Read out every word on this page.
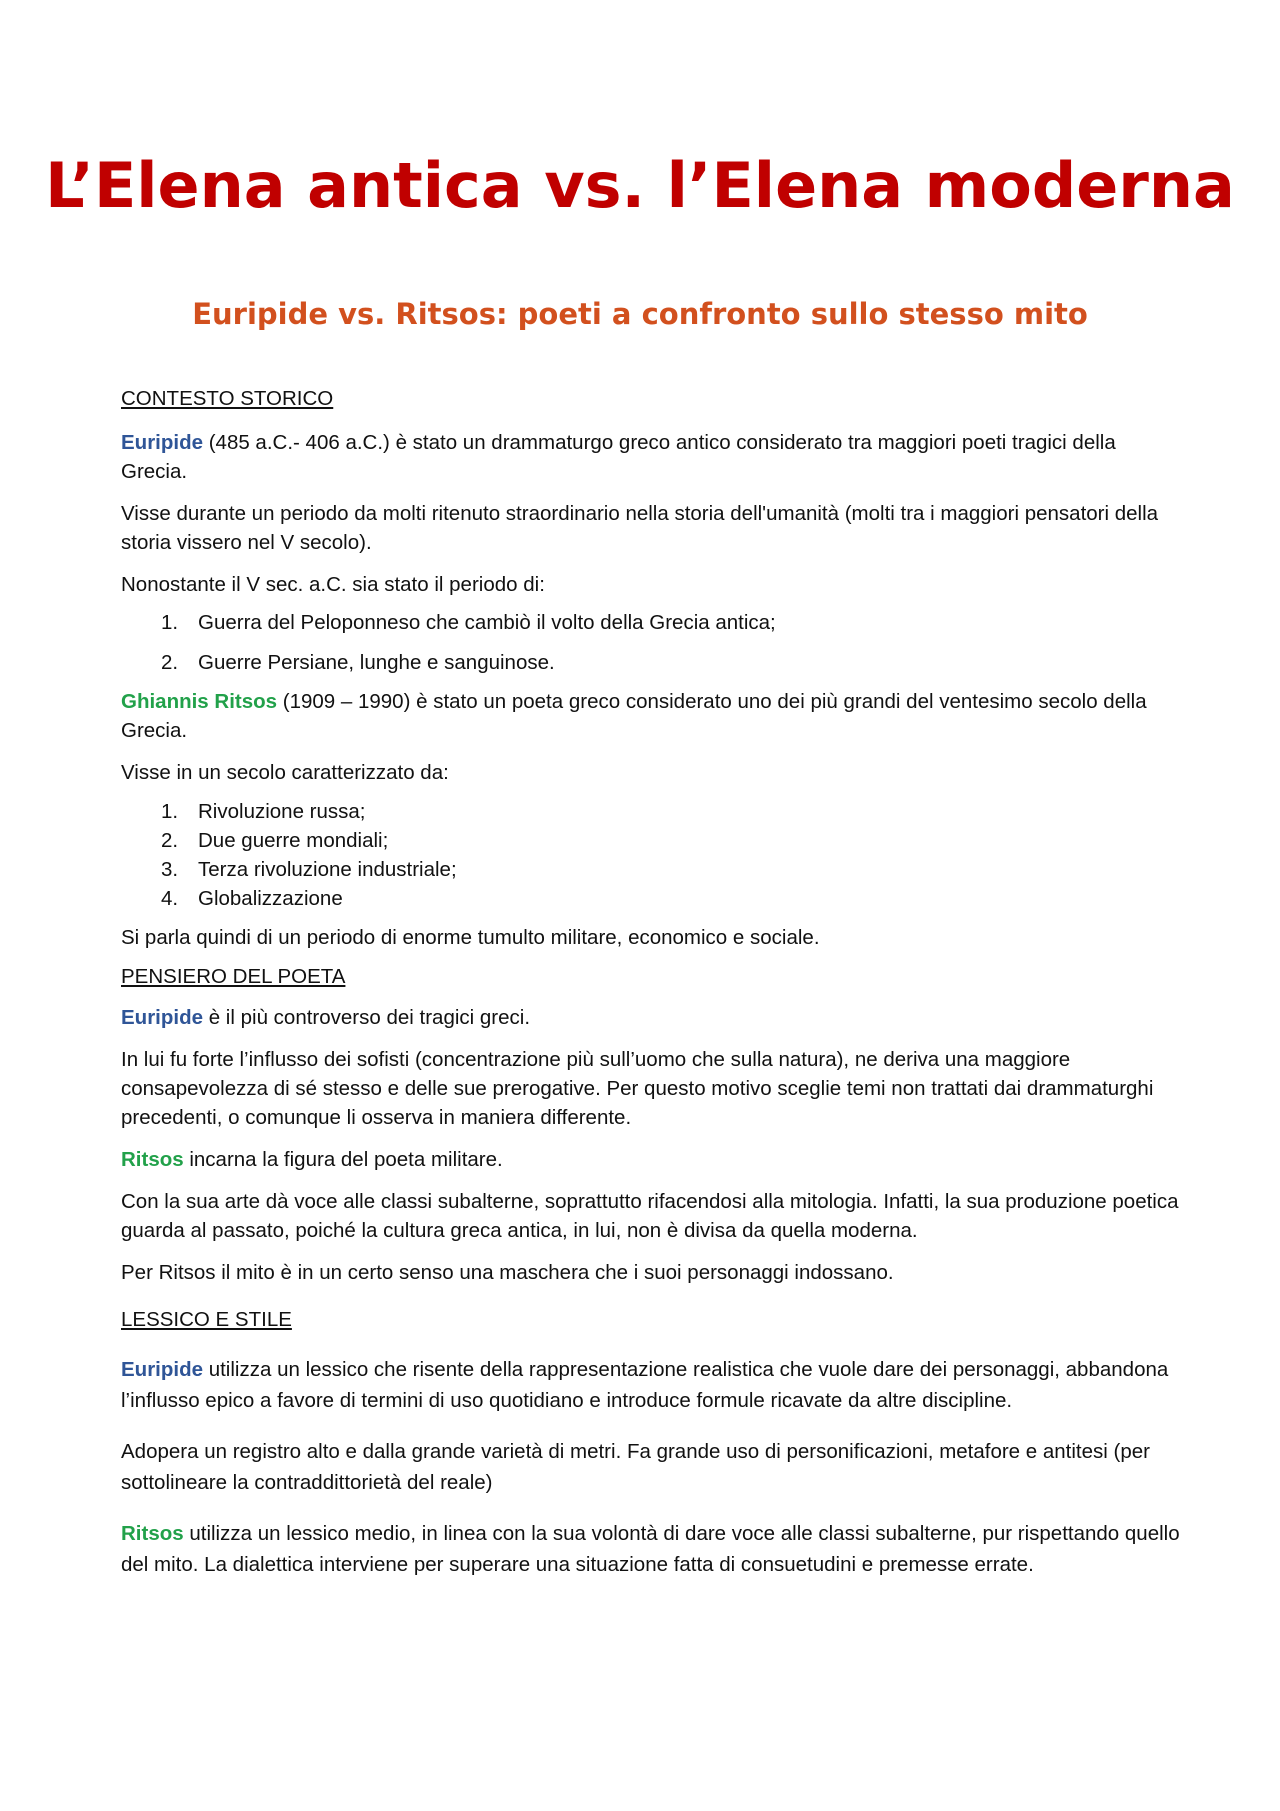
L’Elena antica vs. l’Elena moderna
Euripide vs. Ritsos: poeti a confronto sullo stesso mito
CONTESTO STORICO

Euripide (485 a.C.- 406 a.C.) è stato un drammaturgo greco antico considerato tra maggiori poeti tragici della Grecia.

Visse durante un periodo da molti ritenuto straordinario nella storia dell'umanità (molti tra i maggiori pensatori della storia vissero nel V secolo).

Nonostante il V sec. a.C. sia stato il periodo di:

1. Guerra del Peloponneso che cambiò il volto della Grecia antica;
2. Guerre Persiane, lunghe e sanguinose.

Ghiannis Ritsos (1909 – 1990) è stato un poeta greco considerato uno dei più grandi del ventesimo secolo della Grecia.

Visse in un secolo caratterizzato da:

1. Rivoluzione russa;
2. Due guerre mondiali;
3. Terza rivoluzione industriale;
4. Globalizzazione

Si parla quindi di un periodo di enorme tumulto militare, economico e sociale.

PENSIERO DEL POETA

Euripide è il più controverso dei tragici greci.

In lui fu forte l’influsso dei sofisti (concentrazione più sull’uomo che sulla natura), ne deriva una maggiore consapevolezza di sé stesso e delle sue prerogative. Per questo motivo sceglie temi non trattati dai drammaturghi precedenti, o comunque li osserva in maniera differente.

Ritsos incarna la figura del poeta militare.

Con la sua arte dà voce alle classi subalterne, soprattutto rifacendosi alla mitologia. Infatti, la sua produzione poetica guarda al passato, poiché la cultura greca antica, in lui, non è divisa da quella moderna.

Per Ritsos il mito è in un certo senso una maschera che i suoi personaggi indossano.

LESSICO E STILE

Euripide utilizza un lessico che risente della rappresentazione realistica che vuole dare dei personaggi, abbandona l’influsso epico a favore di termini di uso quotidiano e introduce formule ricavate da altre discipline.

Adopera un registro alto e dalla grande varietà di metri. Fa grande uso di personificazioni, metafore e antitesi (per sottolineare la contraddittorietà del reale)

Ritsos utilizza un lessico medio, in linea con la sua volontà di dare voce alle classi subalterne, pur rispettando quello del mito. La dialettica interviene per superare una situazione fatta di consuetudini e premesse errate.
